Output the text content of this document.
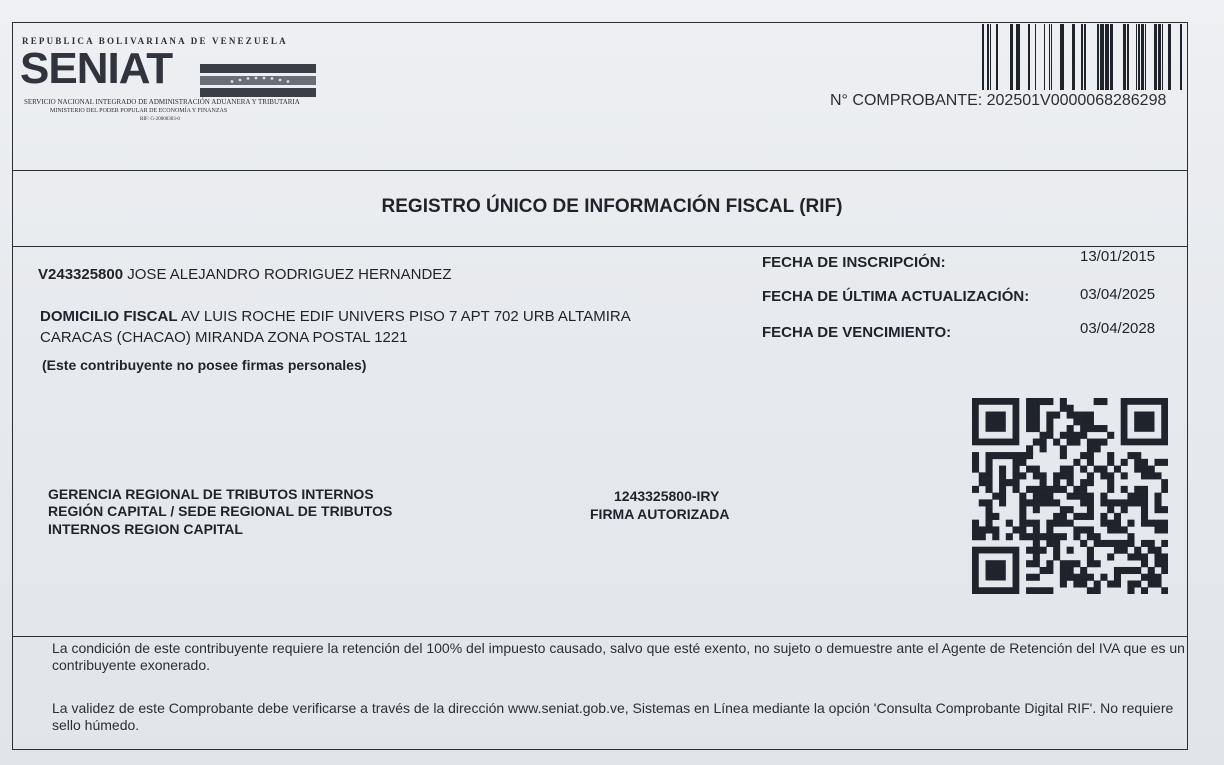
REPUBLICA BOLIVARIANA DE VENEZUELA
SENIAT
SERVICIO NACIONAL INTEGRADO DE ADMINISTRACIÓN ADUANERA Y TRIBUTARIA
MINISTERIO DEL PODER POPULAR DE ECONOMÍA Y FINANZAS
RIF: G-20000303-0
N° COMPROBANTE: 202501V0000068286298
REGISTRO ÚNICO DE INFORMACIÓN FISCAL (RIF)
V243325800 JOSE ALEJANDRO RODRIGUEZ HERNANDEZ
DOMICILIO FISCAL AV LUIS ROCHE EDIF UNIVERS PISO 7 APT 702 URB ALTAMIRA
CARACAS (CHACAO) MIRANDA ZONA POSTAL 1221
(Este contribuyente no posee firmas personales)
FECHA DE INSCRIPCIÓN:	13/01/2015
FECHA DE ÚLTIMA ACTUALIZACIÓN:	03/04/2025
FECHA DE VENCIMIENTO:	03/04/2028
GERENCIA REGIONAL DE TRIBUTOS INTERNOS
REGIÓN CAPITAL / SEDE REGIONAL DE TRIBUTOS
INTERNOS REGION CAPITAL
1243325800-IRY
FIRMA AUTORIZADA
La condición de este contribuyente requiere la retención del 100% del impuesto causado, salvo que esté exento, no sujeto o demuestre ante el Agente de Retención del IVA que es un contribuyente exonerado.
La validez de este Comprobante debe verificarse a través de la dirección www.seniat.gob.ve, Sistemas en Línea mediante la opción 'Consulta Comprobante Digital RIF'. No requiere sello húmedo.
